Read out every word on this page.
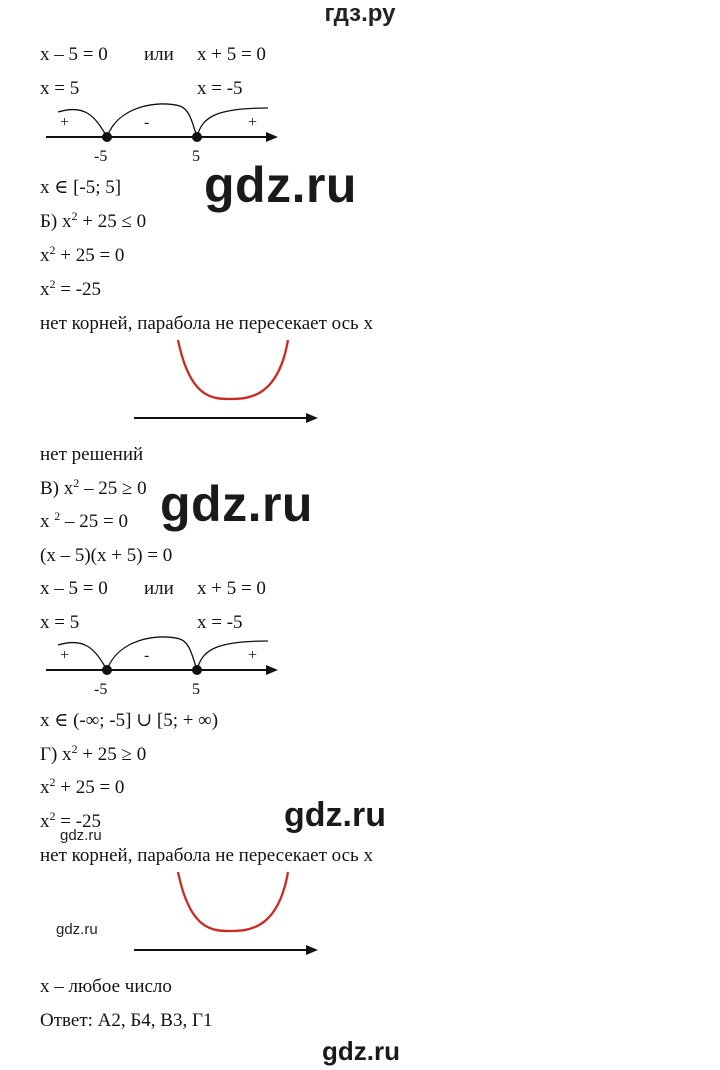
гдз.ру
x – 5 = 0 или x + 5 = 0
x = 5	x = -5
+	-	+
-5	5
x ∈ [-5; 5]
Б) $x^2 + 25 \le 0$
$x^2 + 25 = 0$
$x^2 = -25$
нет корней, парабола не пересекает ось x
нет решений
В) $x^2 - 25 \ge 0$
x $^2$ – 25 = 0
(x – 5)(x + 5) = 0
x – 5 = 0 или x + 5 = 0
x = 5	x = -5
+	-	+
-5	5
x ∈ (-∞; -5] ∪ [5; + ∞)
Г) $x^2 + 25 \ge 0$
$x^2 + 25 = 0$
$x^2 = -25$
нет корней, парабола не пересекает ось x
x – любое число
Ответ: А2, Б4, В3, Г1
gdz.ru
gdz.ru
gdz.ru
gdz.ru
gdz.ru
gdz.ru
